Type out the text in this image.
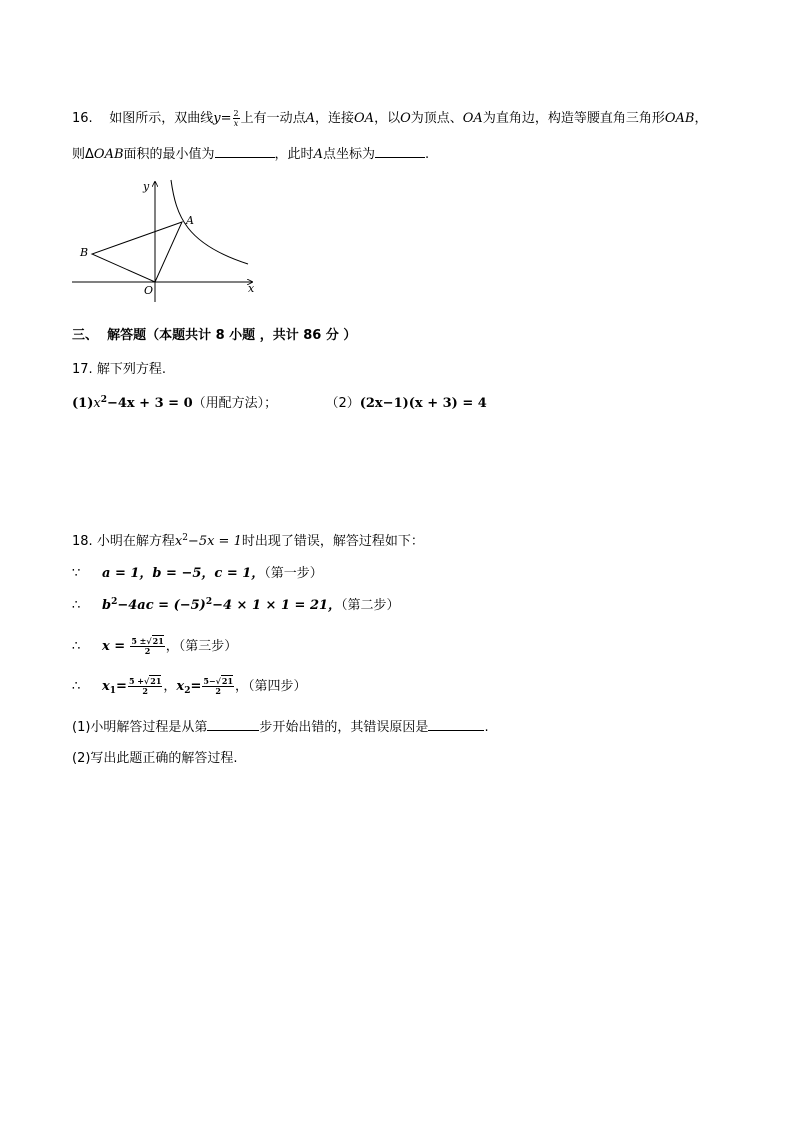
16. 如图所示，双曲线$y= \frac{2}{x}$ 上有一动点A，连接OA，以O为顶点、OA为直角边，构造等腰直角三角形OAB，
则ΔOAB面积的最小值为	，此时A点坐标为	.
y
x
O
A
B
三、 解答题（本题共计 8 小题 ，共计 86 分 ）
17. 解下列方程.
$(1)x^2-4x + 3 = 0$（用配方法）；	（2）(2x−1)(x + 3) = 4
18. 小明在解方程$x^2-5x = 1$时出现了错误，解答过程如下：
∵ a = 1，b = −5，c = 1，（第一步）
∴ $b^2-4ac = (-5)^2-4 \times 1 \times 1 = 21$，（第二步）
∴ $x = \frac{5 \pm√21}{2}$ ，（第三步）
∴ $x_1= \frac{5 +√21}{2}$ ，$x_2= \frac{5-√21}{2}$ ，（第四步）
(1)小明解答过程是从第	步开始出错的，其错误原因是	.
(2)写出此题正确的解答过程.
